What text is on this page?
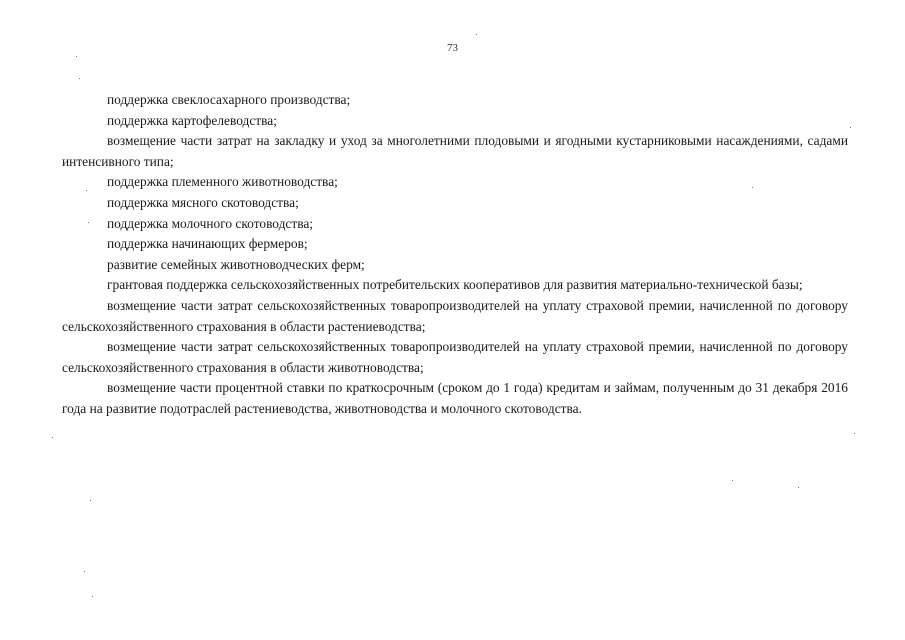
73

поддержка свеклосахарного производства;

поддержка картофелеводства;

возмещение части затрат на закладку и уход за многолетними плодовыми и ягодными кустарниковыми насаждениями, садами интенсивного типа;

поддержка племенного животноводства;

поддержка мясного скотоводства;

поддержка молочного скотоводства;

поддержка начинающих фермеров;

развитие семейных животноводческих ферм;

грантовая поддержка сельскохозяйственных потребительских кооперативов для развития материально-технической базы;

возмещение части затрат сельскохозяйственных товаропроизводителей на уплату страховой премии, начисленной по договору сельскохозяйственного страхования в области растениеводства;

возмещение части затрат сельскохозяйственных товаропроизводителей на уплату страховой премии, начисленной по договору сельскохозяйственного страхования в области животноводства;

возмещение части процентной ставки по краткосрочным (сроком до 1 года) кредитам и займам, полученным до 31 декабря 2016 года на развитие подотраслей растениеводства, животноводства и молочного скотоводства.
